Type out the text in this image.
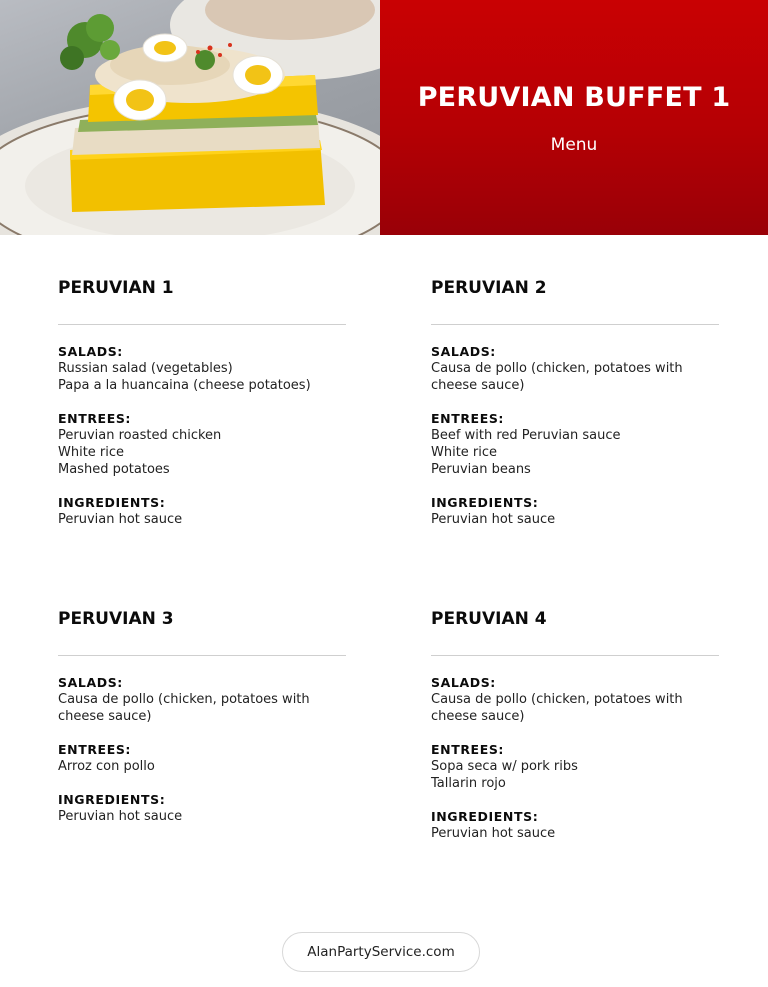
PERUVIAN BUFFET 1
Menu
PERUVIAN 1
SALADS:
Russian salad (vegetables)
Papa a la huancaina (cheese potatoes)
ENTREES:
Peruvian roasted chicken
White rice
Mashed potatoes
INGREDIENTS:
Peruvian hot sauce
PERUVIAN 2
SALADS:
Causa de pollo (chicken, potatoes with
cheese sauce)
ENTREES:
Beef with red Peruvian sauce
White rice
Peruvian beans
INGREDIENTS:
Peruvian hot sauce
PERUVIAN 3
SALADS:
Causa de pollo (chicken, potatoes with
cheese sauce)
ENTREES:
Arroz con pollo
INGREDIENTS:
Peruvian hot sauce
PERUVIAN 4
SALADS:
Causa de pollo (chicken, potatoes with
cheese sauce)
ENTREES:
Sopa seca w/ pork ribs
Tallarin rojo
INGREDIENTS:
Peruvian hot sauce
AlanPartyService.com
